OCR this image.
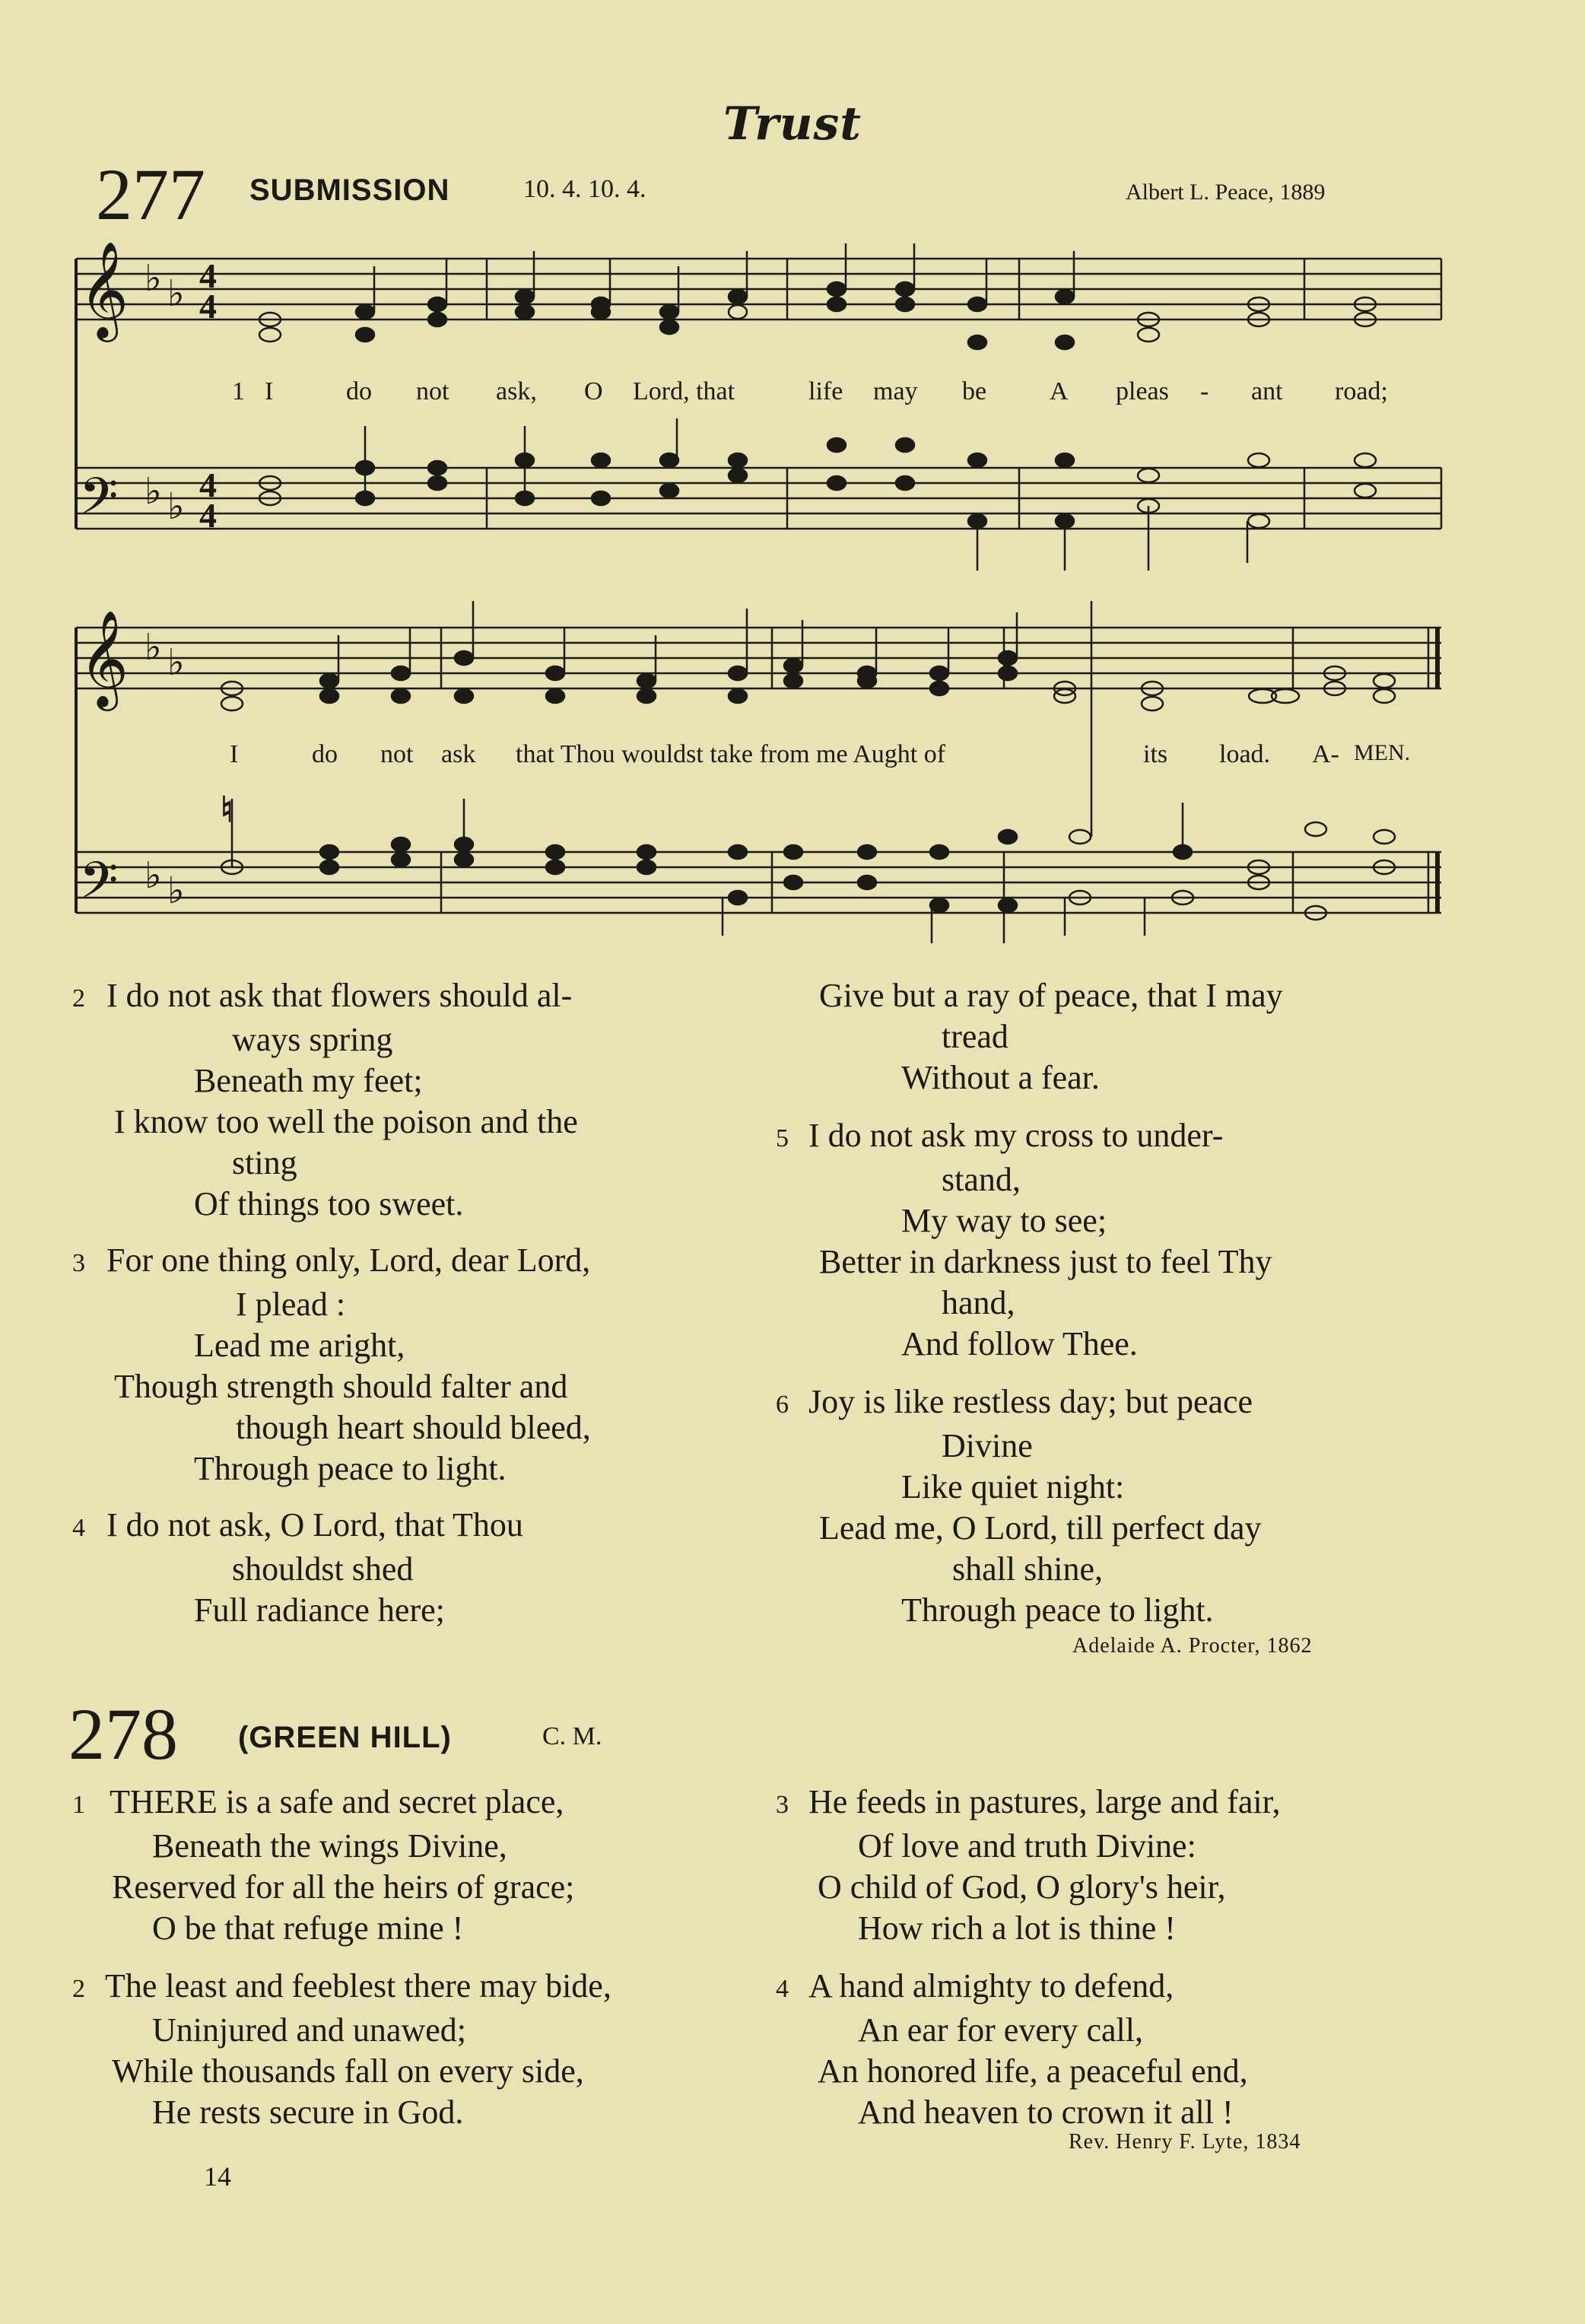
Trust
277 SUBMISSION	10. 4. 10. 4.	Albert L. Peace, 1889
𝄞
𝄢
♭ ♭
♭ ♭
4
4
4
4
1 I	do not ask, O Lord, that	life may be A pleas - ant road;
𝄞
𝄢
♭ ♭
♭ ♭
♮
I	do not ask that Thou wouldst take from me Aught of	its load. A- MEN.
2 I do not ask that flowers should al-
ways spring
Beneath my feet;
I know too well the poison and the
sting
Of things too sweet.
3 For one thing only, Lord, dear Lord,
I plead :
Lead me aright,
Though strength should falter and
though heart should bleed,
Through peace to light.
4 I do not ask, O Lord, that Thou
shouldst shed
Full radiance here;
Give but a ray of peace, that I may
tread
Without a fear.
5 I do not ask my cross to under-
stand,
My way to see;
Better in darkness just to feel Thy
hand,
And follow Thee.
6 Joy is like restless day; but peace
Divine
Like quiet night:
Lead me, O Lord, till perfect day
shall shine,
Through peace to light.
Adelaide A. Procter, 1862
278 (GREEN HILL)	C. M.
1 THERE is a safe and secret place,
Beneath the wings Divine,
Reserved for all the heirs of grace;
O be that refuge mine !
2 The least and feeblest there may bide,
Uninjured and unawed;
While thousands fall on every side,
He rests secure in God.
3 He feeds in pastures, large and fair,
Of love and truth Divine:
O child of God, O glory's heir,
How rich a lot is thine !
4 A hand almighty to defend,
An ear for every call,
An honored life, a peaceful end,
And heaven to crown it all !
Rev. Henry F. Lyte, 1834
14
